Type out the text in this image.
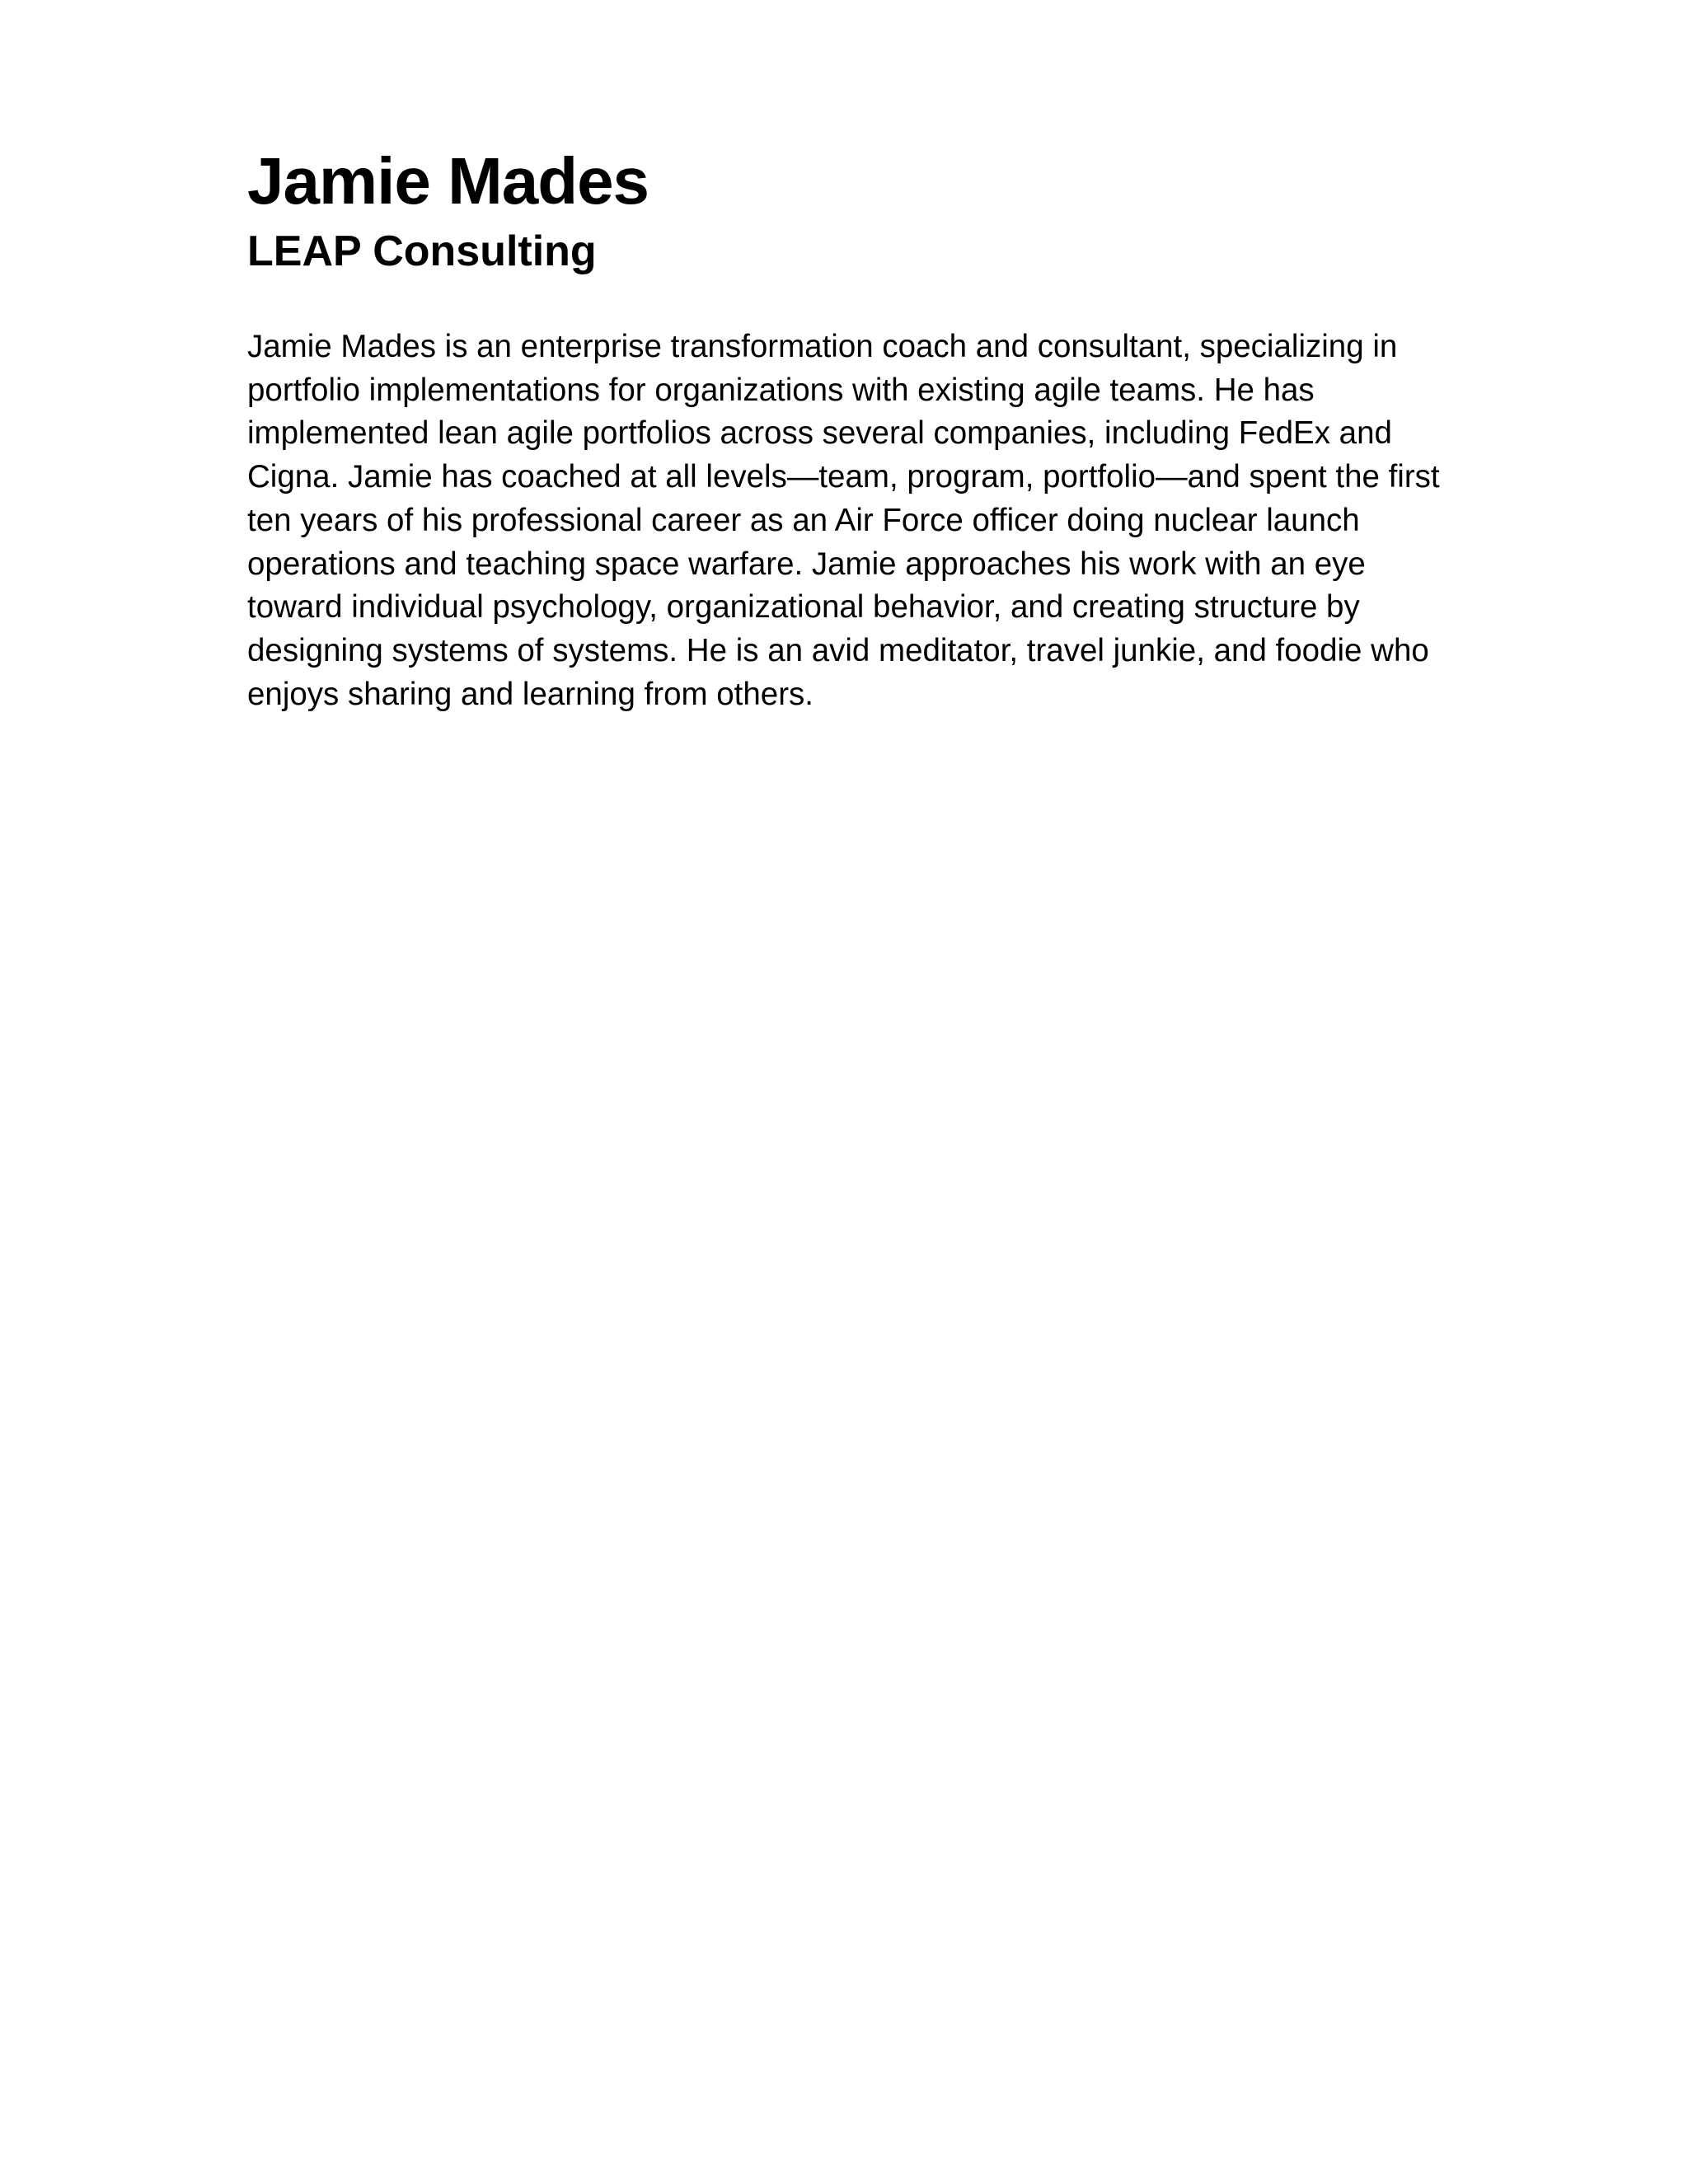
Jamie Mades
LEAP Consulting

Jamie Mades is an enterprise transformation coach and consultant, specializing in portfolio implementations for organizations with existing agile teams. He has implemented lean agile portfolios across several companies, including FedEx and Cigna. Jamie has coached at all levels—team, program, portfolio—and spent the first ten years of his professional career as an Air Force officer doing nuclear launch operations and teaching space warfare. Jamie approaches his work with an eye toward individual psychology, organizational behavior, and creating structure by designing systems of systems. He is an avid meditator, travel junkie, and foodie who enjoys sharing and learning from others.
